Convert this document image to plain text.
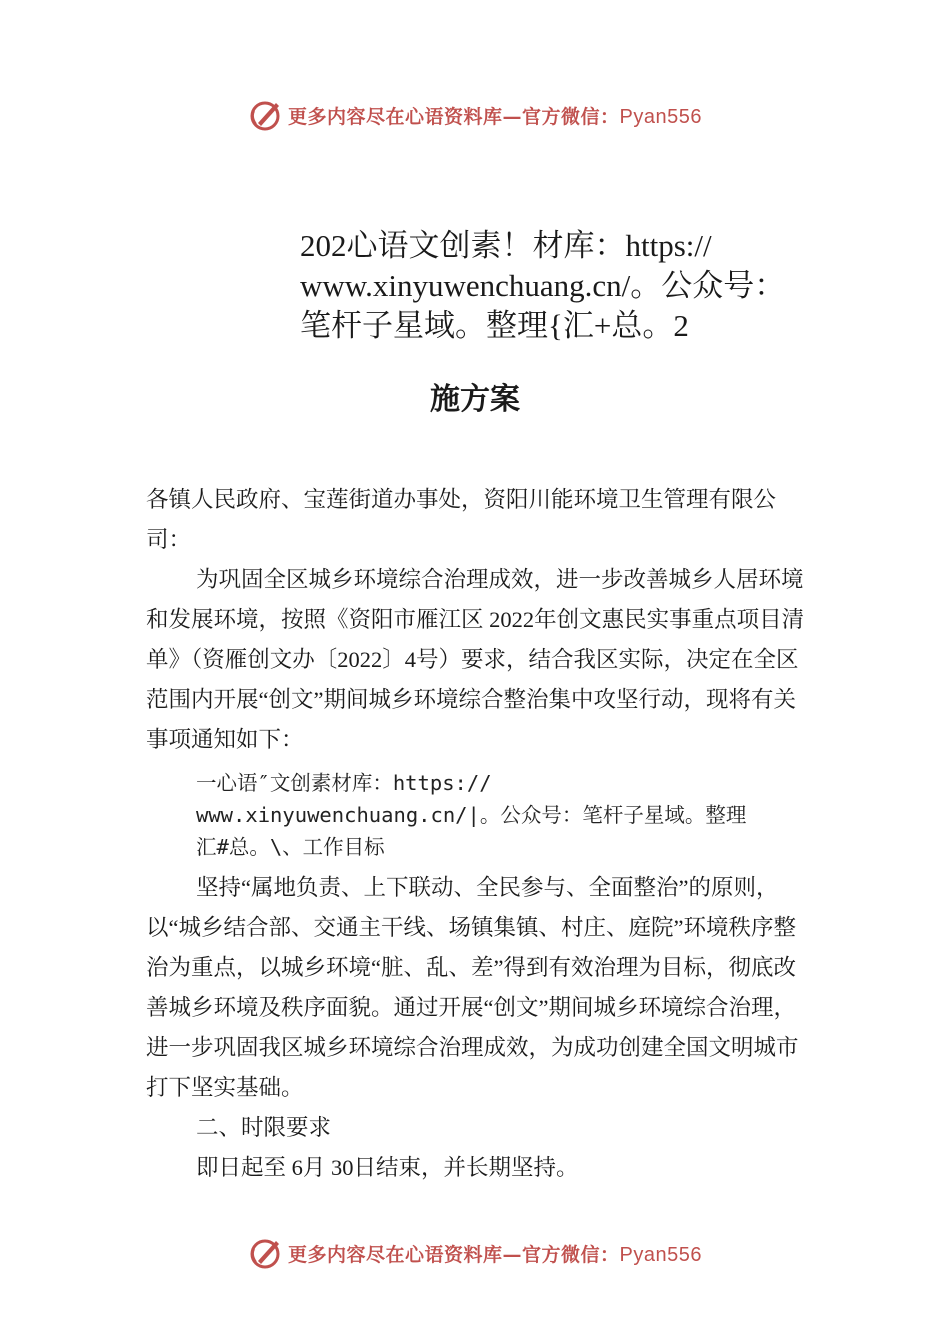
更多内容尽在心语资料库—官方微信：Pyan556
202心语文创素！材库：https://
www.xinyuwenchuang.cn/。公众号：
笔杆子星域。整理{汇+总。2
施方案

各镇人民政府、宝莲街道办事处，资阳川能环境卫生管理有限公司：

为巩固全区城乡环境综合治理成效，进一步改善城乡人居环境和发展环境，按照《资阳市雁江区 2022年创文惠民实事重点项目清单》（资雁创文办〔2022〕4号）要求，结合我区实际，决定在全区范围内开展“创文”期间城乡环境综合整治集中攻坚行动，现将有关事项通知如下：

一心语″文创素材库：https://
www.xinyuwenchuang.cn/|。公众号：笔杆子星域。整理
汇#总。\、工作目标

坚持“属地负责、上下联动、全民参与、全面整治”的原则，以“城乡结合部、交通主干线、场镇集镇、村庄、庭院”环境秩序整治为重点，以城乡环境“脏、乱、差”得到有效治理为目标，彻底改善城乡环境及秩序面貌。通过开展“创文”期间城乡环境综合治理，进一步巩固我区城乡环境综合治理成效，为成功创建全国文明城市打下坚实基础。

二、时限要求

即日起至 6月 30日结束，并长期坚持。

更多内容尽在心语资料库—官方微信：Pyan556
